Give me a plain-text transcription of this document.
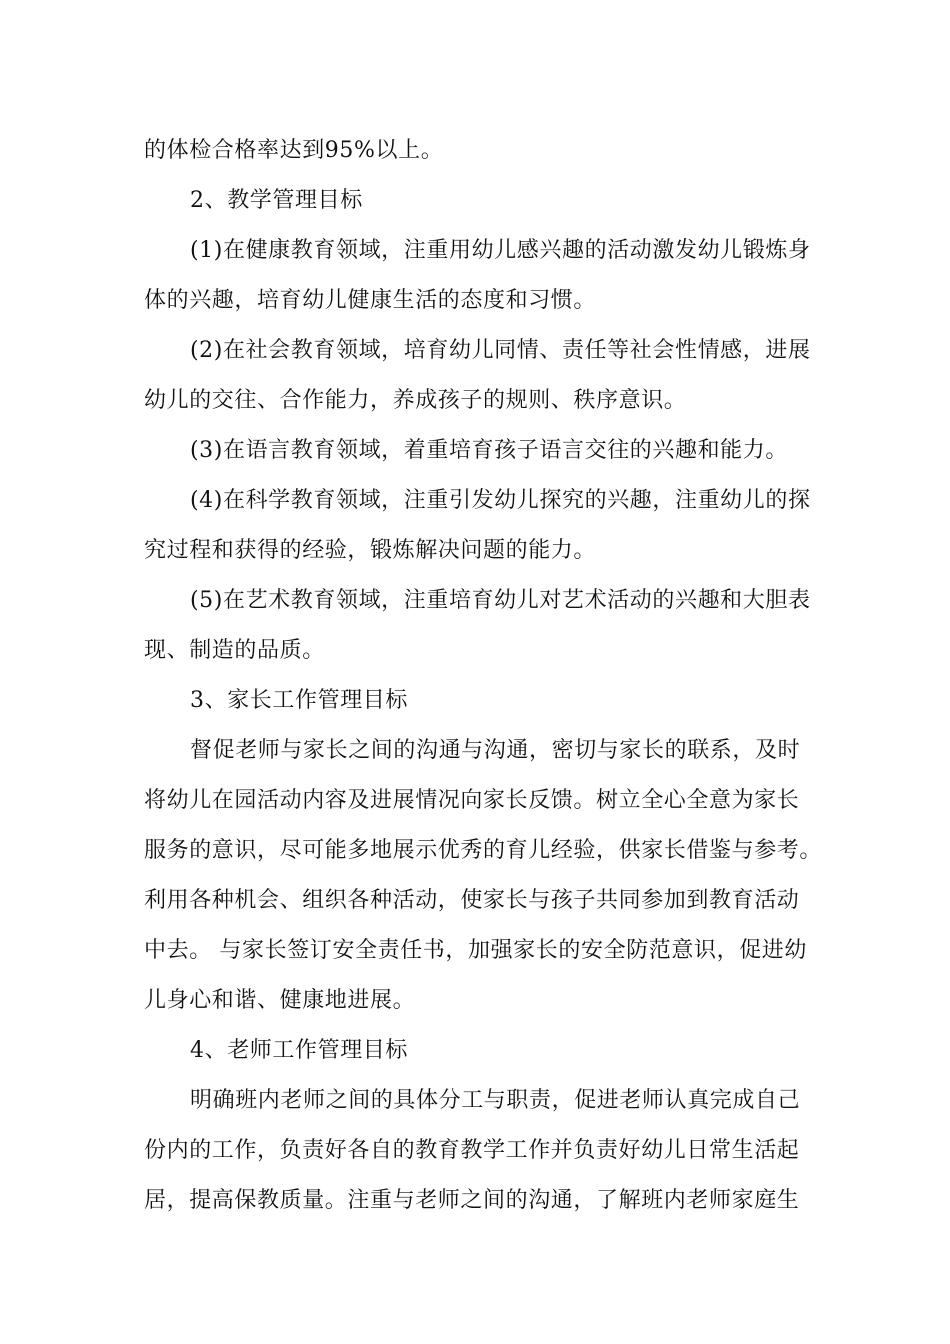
的体检合格率达到95%以上。
2、教学管理目标
(1)在健康教育领域，注重用幼儿感兴趣的活动激发幼儿锻炼身
体的兴趣，培育幼儿健康生活的态度和习惯。
(2)在社会教育领域，培育幼儿同情、责任等社会性情感，进展
幼儿的交往、合作能力，养成孩子的规则、秩序意识。
(3)在语言教育领域，着重培育孩子语言交往的兴趣和能力。
(4)在科学教育领域，注重引发幼儿探究的兴趣，注重幼儿的探
究过程和获得的经验，锻炼解决问题的能力。
(5)在艺术教育领域，注重培育幼儿对艺术活动的兴趣和大胆表
现、制造的品质。
3、家长工作管理目标
督促老师与家长之间的沟通与沟通，密切与家长的联系，及时
将幼儿在园活动内容及进展情况向家长反馈。树立全心全意为家长
服务的意识，尽可能多地展示优秀的育儿经验，供家长借鉴与参考。
利用各种机会、组织各种活动，使家长与孩子共同参加到教育活动
中去。 与家长签订安全责任书，加强家长的安全防范意识，促进幼
儿身心和谐、健康地进展。
4、老师工作管理目标
明确班内老师之间的具体分工与职责，促进老师认真完成自己
份内的工作，负责好各自的教育教学工作并负责好幼儿日常生活起
居，提高保教质量。注重与老师之间的沟通，了解班内老师家庭生
